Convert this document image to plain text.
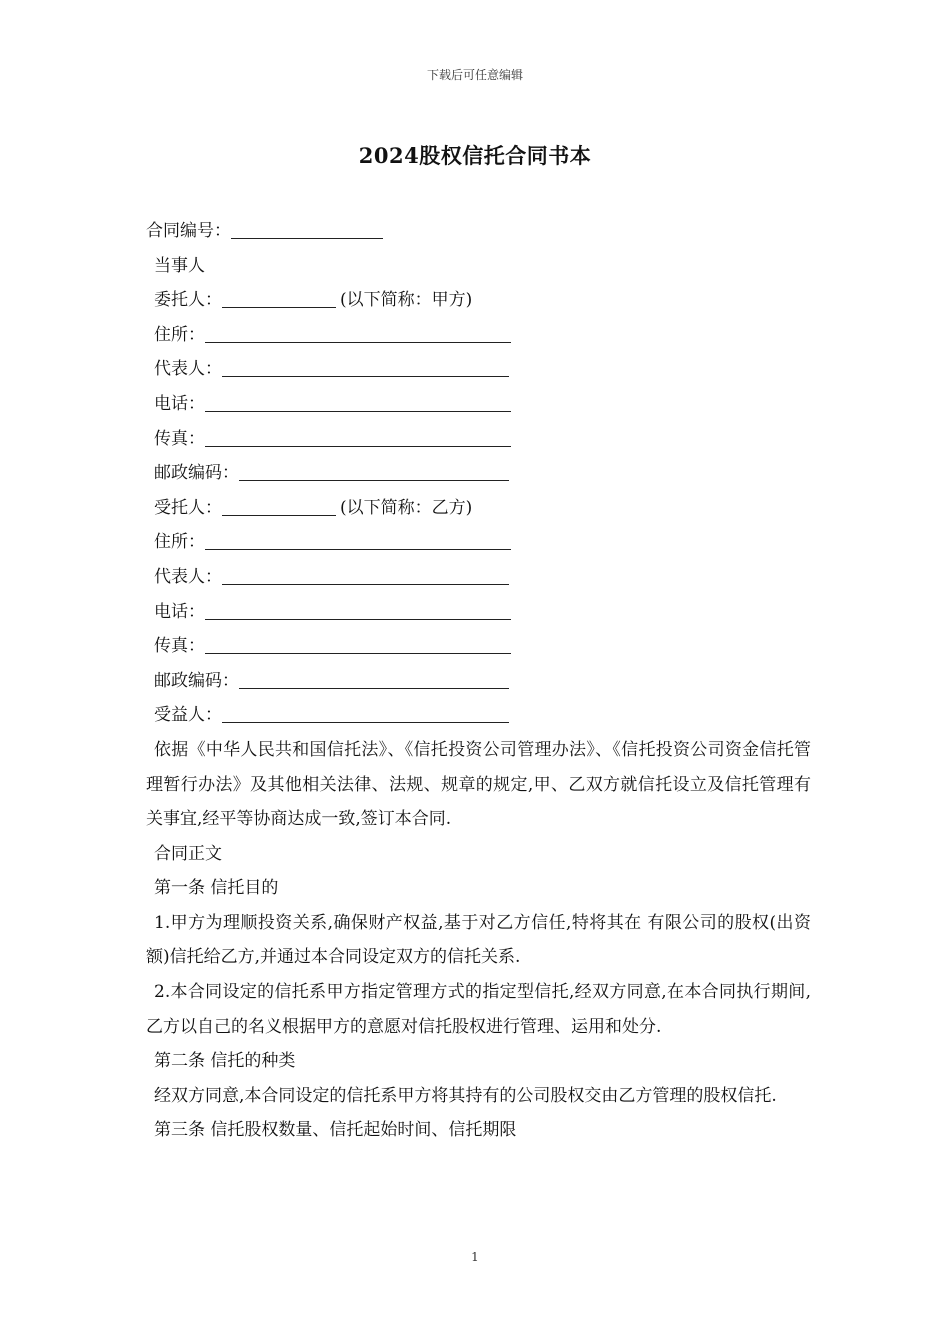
下载后可任意编辑
2024股权信托合同书本
合同编号：
当事人
委托人：	(以下简称：甲方)
住所：
代表人：
电话：
传真：
邮政编码：
受托人：	(以下简称：乙方)
住所：
代表人：
电话：
传真：
邮政编码：
受益人：
依据《中华人民共和国信托法》、《信托投资公司管理办法》、《信托投资公司资金信托管理暂行办法》及其他相关法律、法规、规章的规定,甲、乙双方就信托设立及信托管理有关事宜,经平等协商达成一致,签订本合同.
合同正文
第一条 信托目的
1.甲方为理顺投资关系,确保财产权益,基于对乙方信任,特将其在 有限公司的股权(出资额)信托给乙方,并通过本合同设定双方的信托关系.
2.本合同设定的信托系甲方指定管理方式的指定型信托,经双方同意,在本合同执行期间,乙方以自己的名义根据甲方的意愿对信托股权进行管理、运用和处分.
第二条 信托的种类
经双方同意,本合同设定的信托系甲方将其持有的公司股权交由乙方管理的股权信托.
第三条 信托股权数量、信托起始时间、信托期限
1
